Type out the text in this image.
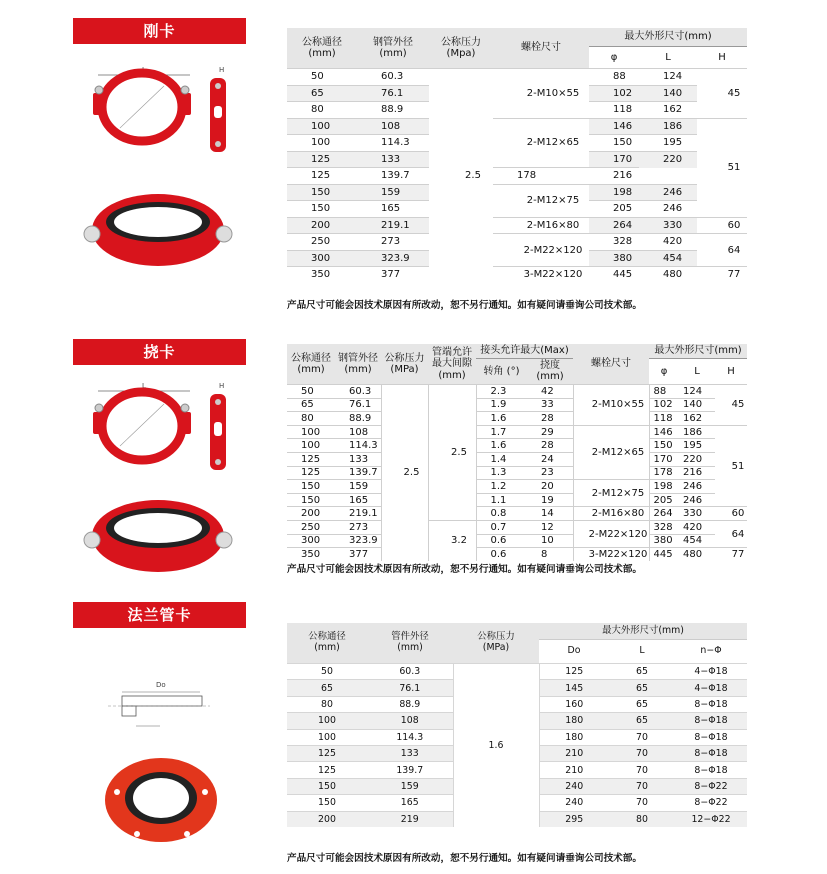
刚卡
L	H
公称通径
(mm)	钢管外径
(mm)	公称压力
(Mpa)	螺栓尺寸	最大外形尺寸(mm)		
				φ	L	H
50	60.3	2.5	2-M10×55	88	124	45
65	76.1			102	140	
80	88.9			118	162	
100	108		2-M12×65	146	186	51
100	114.3			150	195	
125	133			170	220	
125	139.7		178	216		
150	159		2-M12×75	198	246	
150	165			205	246	
200	219.1		2-M16×80	264	330	60
250	273		2-M22×120	328	420	64
300	323.9			380	454	
350	377		3-M22×120	445	480	77
产品尺寸可能会因技术原因有所改动，恕不另行通知。如有疑问请垂询公司技术部。
挠卡
L	H
公称通径
(mm)	钢管外径
(mm)	公称压力
(MPa)	管端允许最大间隙
(mm)	接头允许最大(Max)		螺栓尺寸	最大外形尺寸(mm)		
				转角 (°)	挠度 (mm)		φ	L	H
50	60.3	2.5	2.5	2.3	42	2-M10×55	88	124	45
65	76.1			1.9	33		102	140	
80	88.9			1.6	28		118	162	
100	108			1.7	29	2-M12×65	146	186	51
100	114.3			1.6	28		150	195	
125	133			1.4	24		170	220	
125	139.7			1.3	23		178	216	
150	159			1.2	20	2-M12×75	198	246	
150	165			1.1	19		205	246	
200	219.1			0.8	14	2-M16×80	264	330	60
250	273		3.2	0.7	12	2-M22×120	328	420	64
300	323.9			0.6	10		380	454	
350	377			0.6	8	3-M22×120	445	480	77
产品尺寸可能会因技术原因有所改动，恕不另行通知。如有疑问请垂询公司技术部。
法兰管卡
Do
公称通径
(mm)	管件外径
(mm)	公称压力
(MPa)	最大外形尺寸(mm)		
			Do	L	n−Φ
50	60.3	1.6	125	65	4−Φ18
65	76.1		145	65	4−Φ18
80	88.9		160	65	8−Φ18
100	108		180	65	8−Φ18
100	114.3		180	70	8−Φ18
125	133		210	70	8−Φ18
125	139.7		210	70	8−Φ18
150	159		240	70	8−Φ22
150	165		240	70	8−Φ22
200	219		295	80	12−Φ22
产品尺寸可能会因技术原因有所改动，恕不另行通知。如有疑问请垂询公司技术部。
